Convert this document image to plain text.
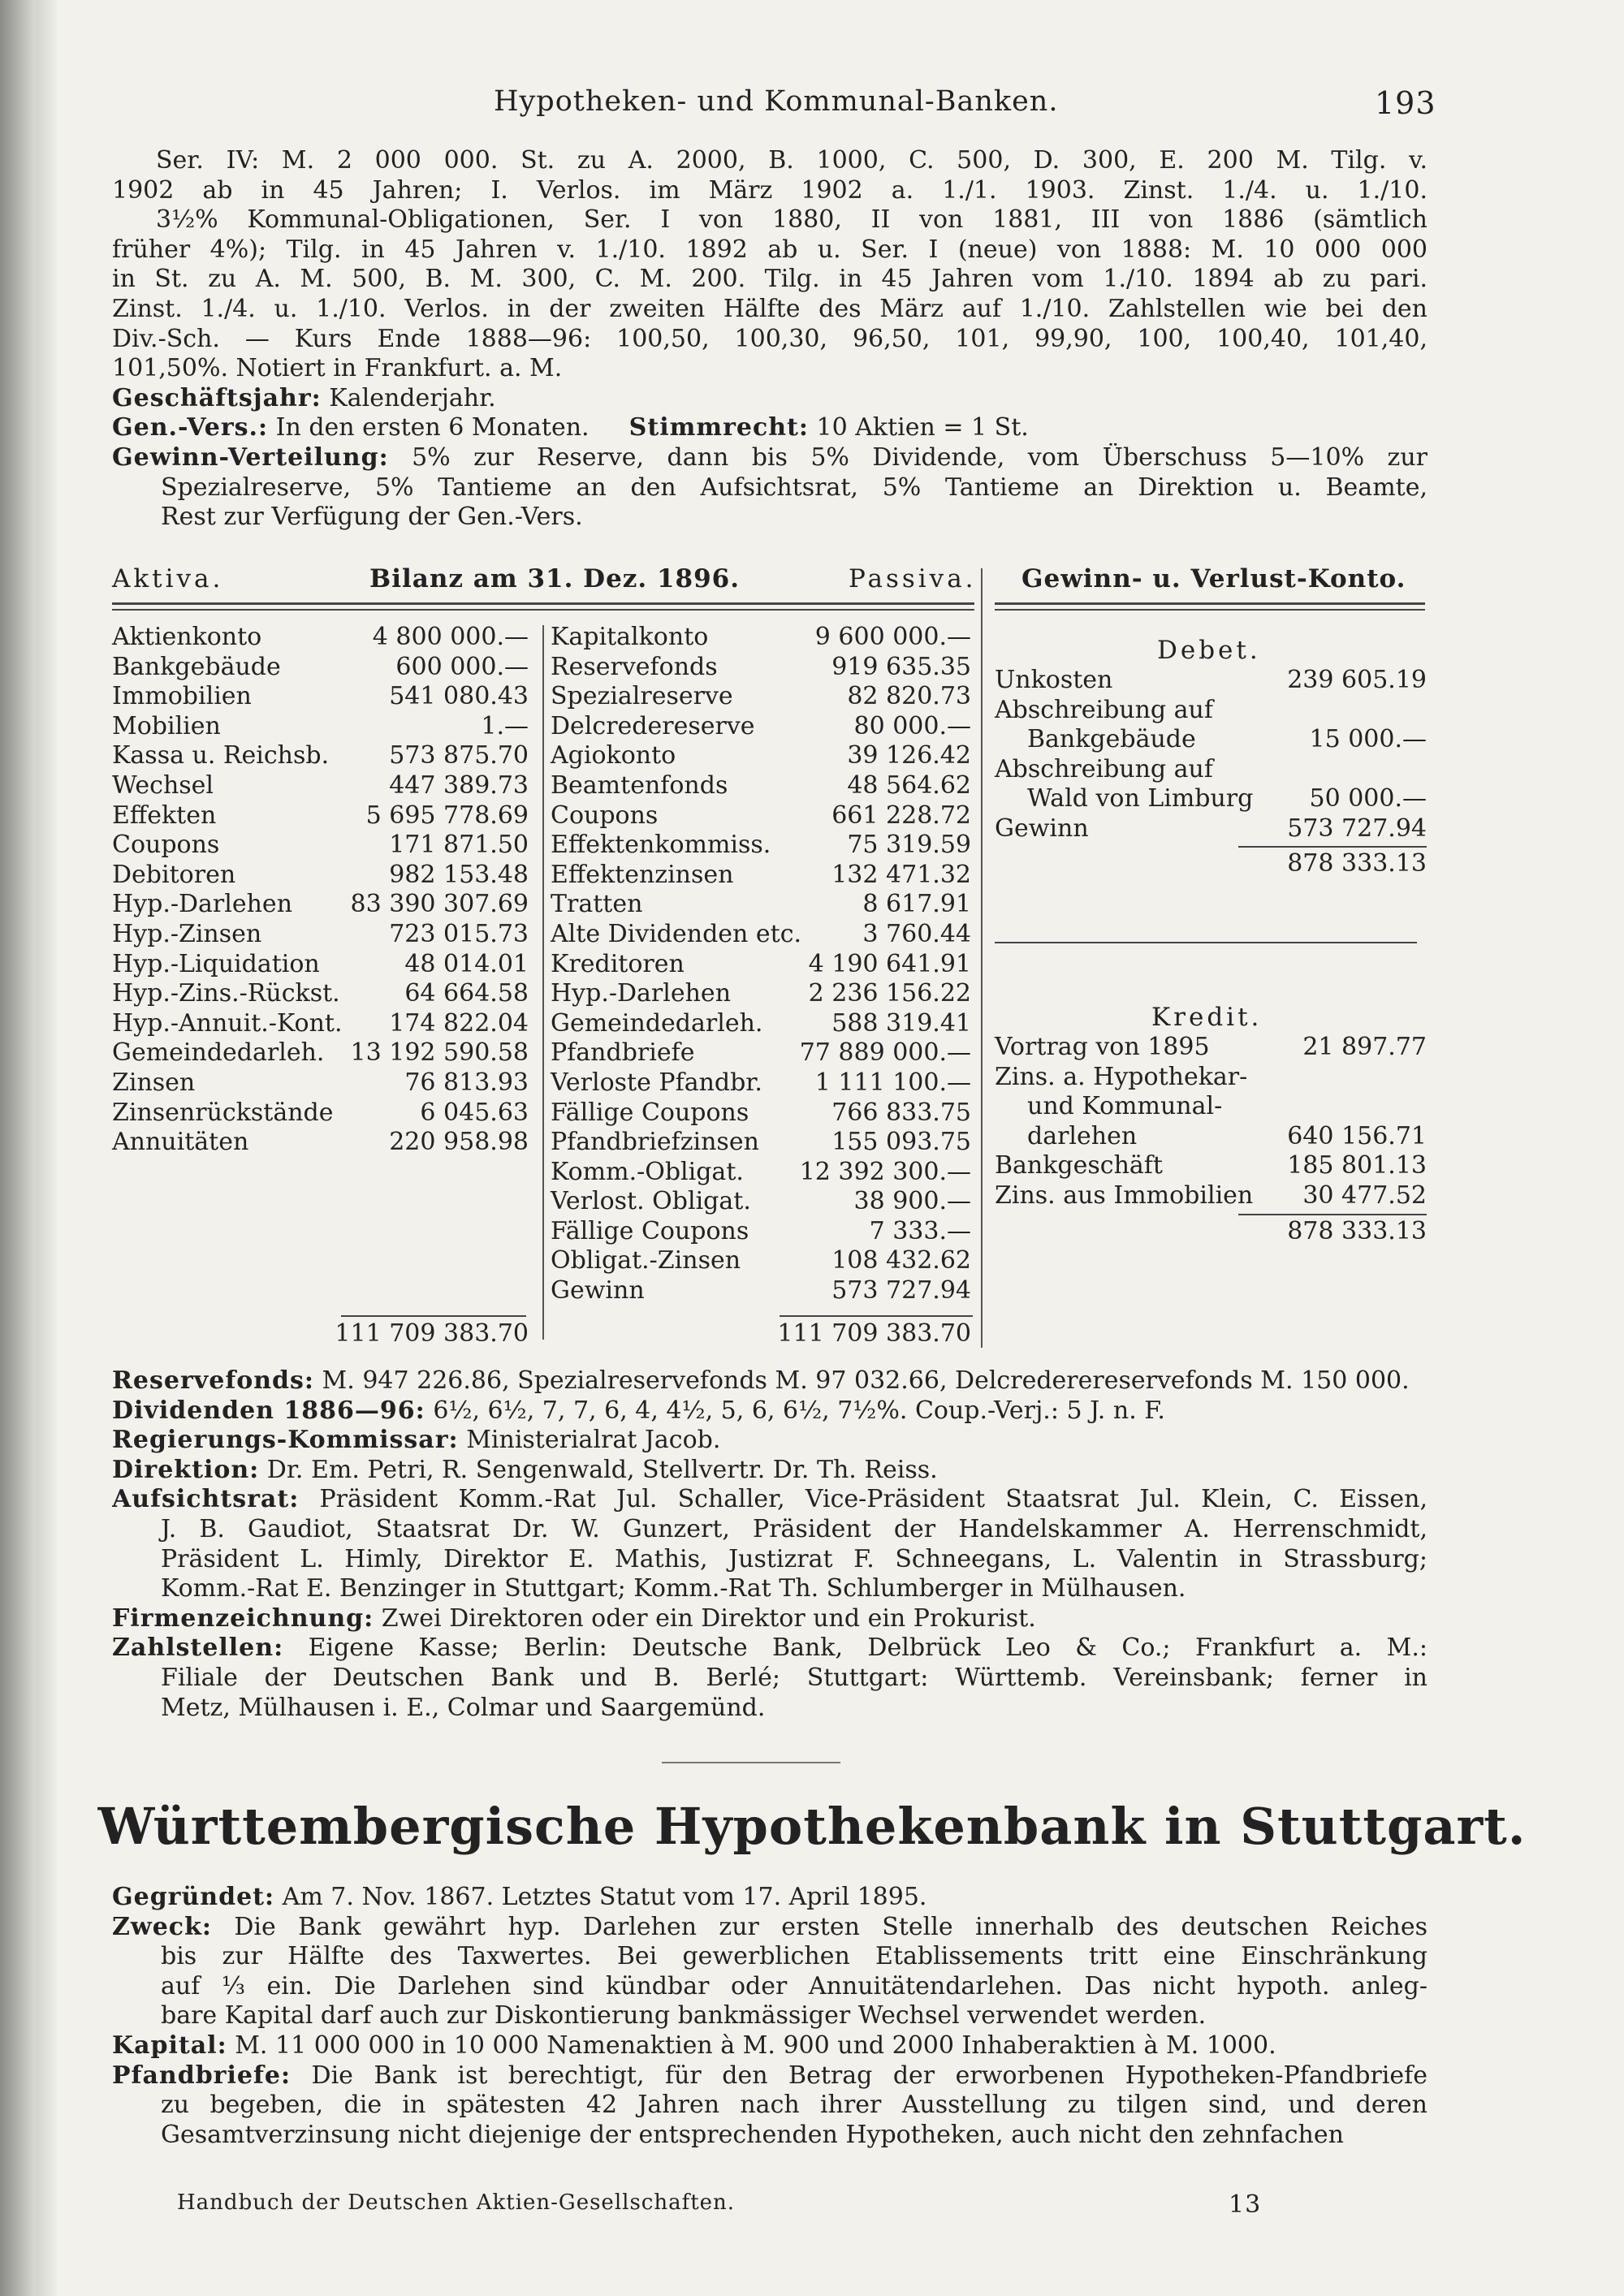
Hypotheken- und Kommunal-Banken.	193
Ser. IV: M. 2 000 000. St. zu A. 2000, B. 1000, C. 500, D. 300, E. 200 M. Tilg. v.
1902 ab in 45 Jahren; I. Verlos. im März 1902 a. 1./1. 1903. Zinst. 1./4. u. 1./10.
3½% Kommunal-Obligationen, Ser. I von 1880, II von 1881, III von 1886 (sämtlich
früher 4%); Tilg. in 45 Jahren v. 1./10. 1892 ab u. Ser. I (neue) von 1888: M. 10 000 000
in St. zu A. M. 500, B. M. 300, C. M. 200. Tilg. in 45 Jahren vom 1./10. 1894 ab zu pari.
Zinst. 1./4. u. 1./10. Verlos. in der zweiten Hälfte des März auf 1./10. Zahlstellen wie bei den
Div.-Sch. — Kurs Ende 1888—96: 100,50, 100,30, 96,50, 101, 99,90, 100, 100,40, 101,40,
101,50%. Notiert in Frankfurt. a. M.
Geschäftsjahr: Kalenderjahr.
Gen.-Vers.: In den ersten 6 Monaten. Stimmrecht: 10 Aktien = 1 St.
Gewinn-Verteilung: 5% zur Reserve, dann bis 5% Dividende, vom Überschuss 5—10% zur
Spezialreserve, 5% Tantieme an den Aufsichtsrat, 5% Tantieme an Direktion u. Beamte,
Rest zur Verfügung der Gen.-Vers.
Aktiva.	Bilanz am 31. Dez. 1896.	Passiva. Gewinn- u. Verlust-Konto.
Aktienkonto	4 800 000.—
Bankgebäude	600 000.—
Immobilien	541 080.43
Mobilien	1.—
Kassa u. Reichsb. 573 875.70
Wechsel	447 389.73
Effekten	5 695 778.69
Coupons	171 871.50
Debitoren	982 153.48
Hyp.-Darlehen 83 390 307.69
Hyp.-Zinsen	723 015.73
Hyp.-Liquidation	48 014.01
Hyp.-Zins.-Rückst.	64 664.58
Hyp.-Annuit.-Kont. 174 822.04
Gemeindedarleh. 13 192 590.58
Zinsen	76 813.93
Zinsenrückstände	6 045.63
Annuitäten	220 958.98
111 709 383.70
Kapitalkonto	9 600 000.—
Reservefonds	919 635.35
Spezialreserve	82 820.73
Delcredereserve	80 000.—
Agiokonto	39 126.42
Beamtenfonds	48 564.62
Coupons	661 228.72
Effektenkommiss.	75 319.59
Effektenzinsen	132 471.32
Tratten	8 617.91
Alte Dividenden etc.	3 760.44
Kreditoren	4 190 641.91
Hyp.-Darlehen	2 236 156.22
Gemeindedarleh.	588 319.41
Pfandbriefe	77 889 000.—
Verloste Pfandbr. 1 111 100.—
Fällige Coupons	766 833.75
Pfandbriefzinsen	155 093.75
Komm.-Obligat. 12 392 300.—
Verlost. Obligat.	38 900.—
Fällige Coupons	7 333.—
Obligat.-Zinsen	108 432.62
Gewinn	573 727.94
111 709 383.70
Debet.
Unkosten	239 605.19
Abschreibung auf
Bankgebäude	15 000.—
Abschreibung auf
Wald von Limburg 50 000.—
Gewinn	573 727.94
878 333.13
Kredit.
Vortrag von 1895	21 897.77
Zins. a. Hypothekar-
und Kommunal-
darlehen	640 156.71
Bankgeschäft	185 801.13
Zins. aus Immobilien 30 477.52
878 333.13
Reservefonds: M. 947 226.86, Spezialreservefonds M. 97 032.66, Delcrederereservefonds M. 150 000.
Dividenden 1886—96: 6½, 6½, 7, 7, 6, 4, 4½, 5, 6, 6½, 7½%. Coup.-Verj.: 5 J. n. F.
Regierungs-Kommissar: Ministerialrat Jacob.
Direktion: Dr. Em. Petri, R. Sengenwald, Stellvertr. Dr. Th. Reiss.
Aufsichtsrat: Präsident Komm.-Rat Jul. Schaller, Vice-Präsident Staatsrat Jul. Klein, C. Eissen,
J. B. Gaudiot, Staatsrat Dr. W. Gunzert, Präsident der Handelskammer A. Herrenschmidt,
Präsident L. Himly, Direktor E. Mathis, Justizrat F. Schneegans, L. Valentin in Strassburg;
Komm.-Rat E. Benzinger in Stuttgart; Komm.-Rat Th. Schlumberger in Mülhausen.
Firmenzeichnung: Zwei Direktoren oder ein Direktor und ein Prokurist.
Zahlstellen: Eigene Kasse; Berlin: Deutsche Bank, Delbrück Leo & Co.; Frankfurt a. M.:
Filiale der Deutschen Bank und B. Berlé; Stuttgart: Württemb. Vereinsbank; ferner in
Metz, Mülhausen i. E., Colmar und Saargemünd.
Württembergische Hypothekenbank in Stuttgart.
Gegründet: Am 7. Nov. 1867. Letztes Statut vom 17. April 1895.
Zweck: Die Bank gewährt hyp. Darlehen zur ersten Stelle innerhalb des deutschen Reiches
bis zur Hälfte des Taxwertes. Bei gewerblichen Etablissements tritt eine Einschränkung
auf ⅓ ein. Die Darlehen sind kündbar oder Annuitätendarlehen. Das nicht hypoth. anleg-
bare Kapital darf auch zur Diskontierung bankmässiger Wechsel verwendet werden.
Kapital: M. 11 000 000 in 10 000 Namenaktien à M. 900 und 2000 Inhaberaktien à M. 1000.
Pfandbriefe: Die Bank ist berechtigt, für den Betrag der erworbenen Hypotheken-Pfandbriefe
zu begeben, die in spätesten 42 Jahren nach ihrer Ausstellung zu tilgen sind, und deren
Gesamtverzinsung nicht diejenige der entsprechenden Hypotheken, auch nicht den zehnfachen
Handbuch der Deutschen Aktien-Gesellschaften.	13
